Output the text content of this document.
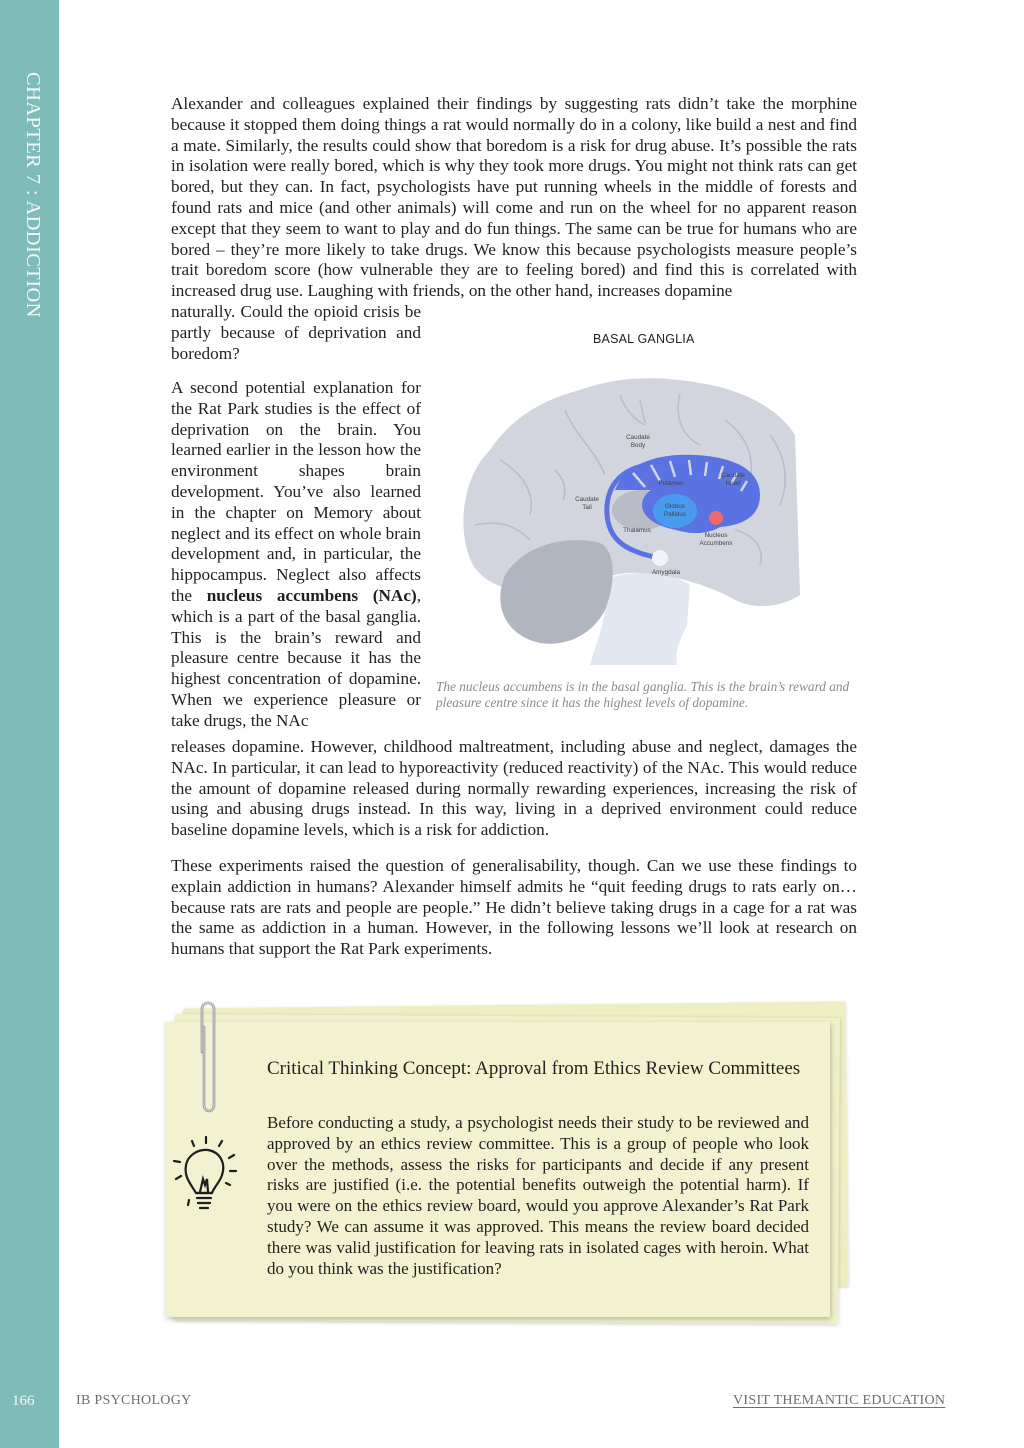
CHAPTER 7 : ADDICTION
166

Alexander and colleagues explained their findings by suggesting rats didn’t take the morphine because it stopped them doing things a rat would normally do in a colony, like build a nest and find a mate. Similarly, the results could show that boredom is a risk for drug abuse. It’s possible the rats in isolation were really bored, which is why they took more drugs. You might not think rats can get bored, but they can. In fact, psychologists have put running wheels in the middle of forests and found rats and mice (and other animals) will come and run on the wheel for no apparent reason except that they seem to want to play and do fun things. The same can be true for humans who are bored – they’re more likely to take drugs. We know this because psychologists measure people’s trait boredom score (how vulnerable they are to feeling bored) and find this is correlated with increased drug use. Laughing with friends, on the other hand, increases dopamine

naturally. Could the opioid crisis be partly because of deprivation and boredom?

A second potential explanation for the Rat Park studies is the effect of deprivation on the brain. You learned earlier in the lesson how the environment shapes brain development. You’ve also learned in the chapter on Memory about neglect and its effect on whole brain development and, in particular, the hippocampus. Neglect also affects the nucleus accumbens (NAc), which is a part of the basal ganglia. This is the brain’s reward and pleasure centre because it has the highest concentration of dopamine. When we experience pleasure or take drugs, the NAc

releases dopamine. However, childhood maltreatment, including abuse and neglect, damages the NAc. In particular, it can lead to hyporeactivity (reduced reactivity) of the NAc. This would reduce the amount of dopamine released during normally rewarding experiences, increasing the risk of using and abusing drugs instead. In this way, living in a deprived environment could reduce baseline dopamine levels, which is a risk for addiction.

These experiments raised the question of generalisability, though. Can we use these findings to explain addiction in humans? Alexander himself admits he “quit feeding drugs to rats early on… because rats are rats and people are people.” He didn’t believe taking drugs in a cage for a rat was the same as addiction in a human. However, in the following lessons we’ll look at research on humans that support the Rat Park experiments.

BASAL GANGLIA
Caudate
Body
Caudate
Head
Caudate
Tail
Putamen
Globus
Pallidus
Thalamus
Nucleus
Accumbens
Amygdala
The nucleus accumbens is in the basal ganglia. This is the brain’s reward and pleasure centre since it has the highest levels of dopamine.
Critical Thinking Concept: Approval from Ethics Review Committees

Before conducting a study, a psychologist needs their study to be reviewed and approved by an ethics review committee. This is a group of people who look over the methods, assess the risks for participants and decide if any present risks are justified (i.e. the potential benefits outweigh the potential harm). If you were on the ethics review board, would you approve Alexander’s Rat Park study? We can assume it was approved. This means the review board decided there was valid justification for leaving rats in isolated cages with heroin. What do you think was the justification?

IB PSYCHOLOGY	VISIT THEMANTIC EDUCATION
